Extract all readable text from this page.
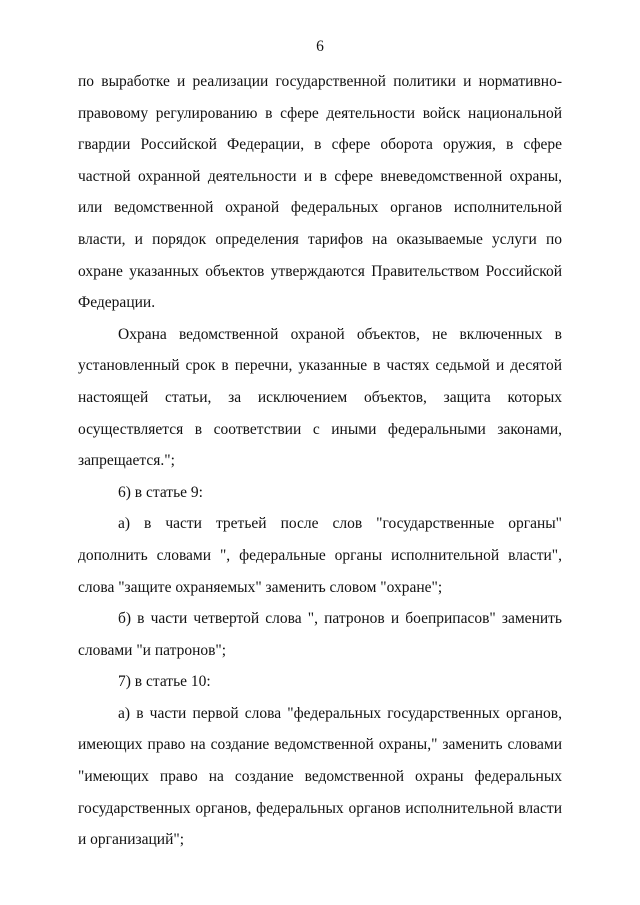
6

по выработке и реализации государственной политики и нормативно-правовому регулированию в сфере деятельности войск национальной гвардии Российской Федерации, в сфере оборота оружия, в сфере частной охранной деятельности и в сфере вневедомственной охраны, или ведомственной охраной федеральных органов исполнительной власти, и порядок определения тарифов на оказываемые услуги по охране указанных объектов утверждаются Правительством Российской Федерации.

Охрана ведомственной охраной объектов, не включенных в установленный срок в перечни, указанные в частях седьмой и десятой настоящей статьи, за исключением объектов, защита которых осуществляется в соответствии с иными федеральными законами, запрещается.";

6) в статье 9:

а) в части третьей после слов "государственные органы" дополнить словами ", федеральные органы исполнительной власти", слова "защите охраняемых" заменить словом "охране";

б) в части четвертой слова ", патронов и боеприпасов" заменить словами "и патронов";

7) в статье 10:

а) в части первой слова "федеральных государственных органов, имеющих право на создание ведомственной охраны," заменить словами "имеющих право на создание ведомственной охраны федеральных государственных органов, федеральных органов исполнительной власти и организаций";
